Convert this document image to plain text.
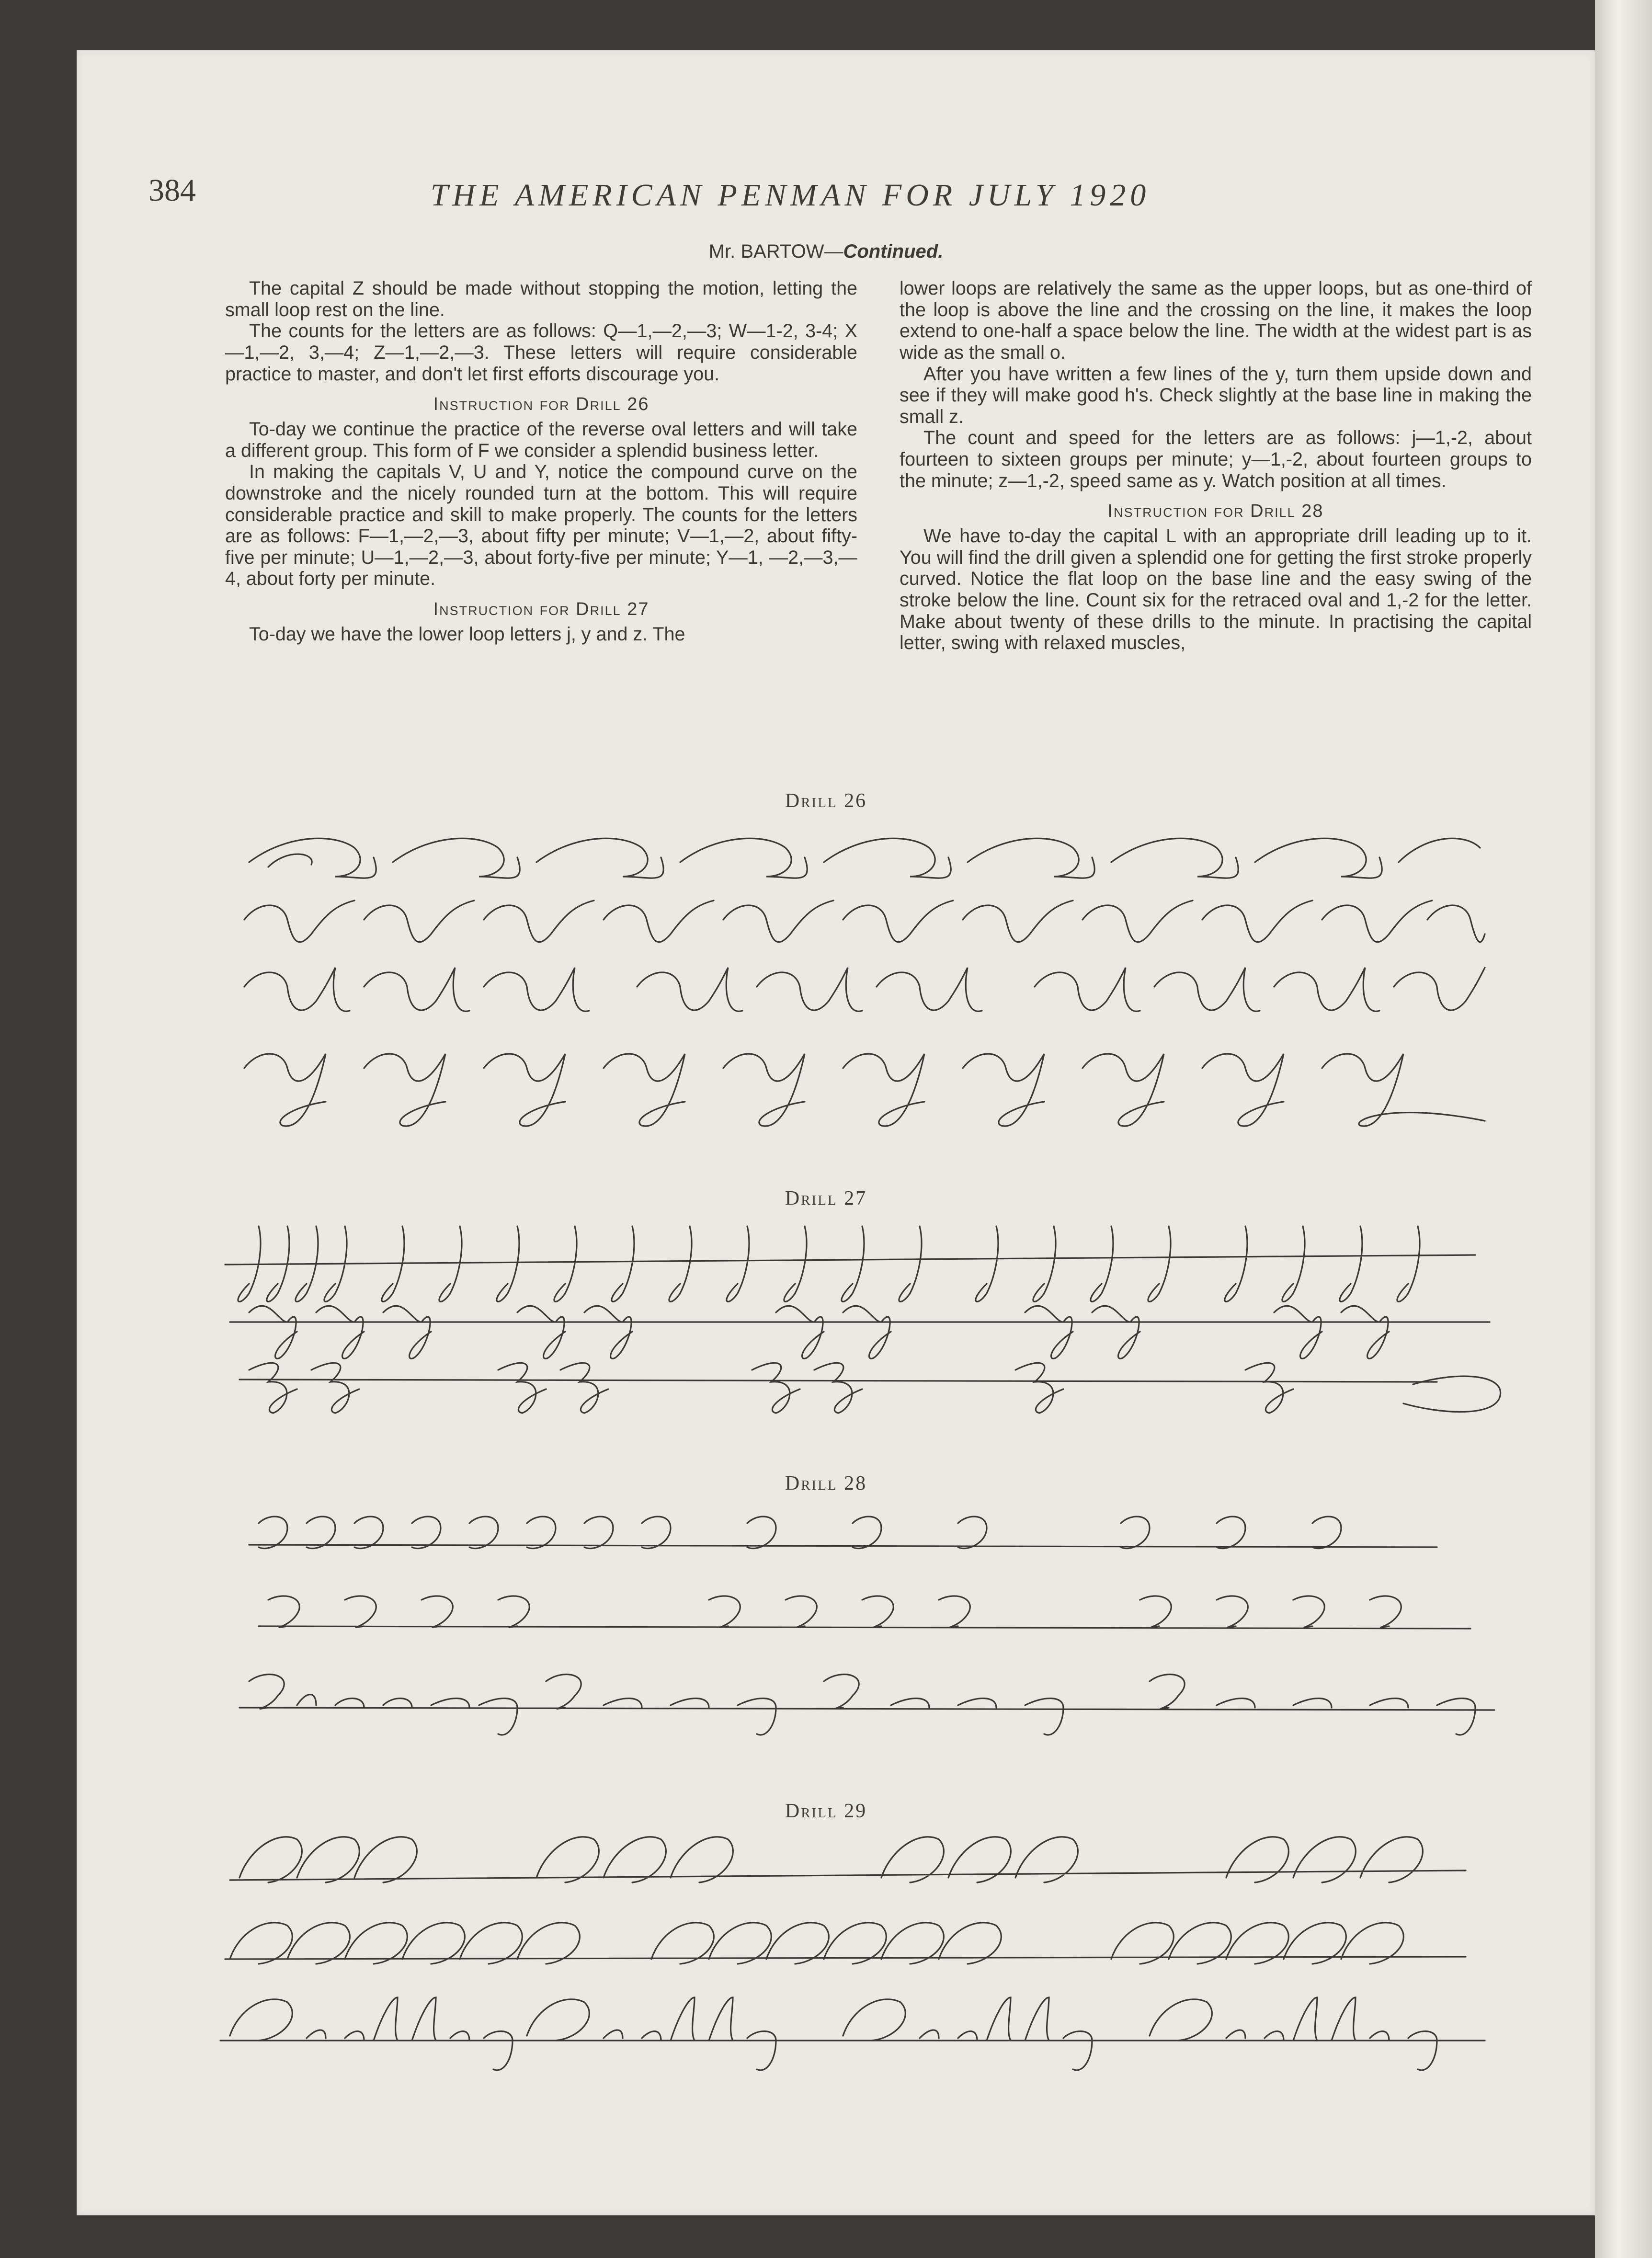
384	THE AMERICAN PENMAN FOR JULY 1920
Mr. BARTOW—Continued.

The capital Z should be made without stopping the motion, letting the small loop rest on the line.

The counts for the letters are as follows: Q—1,—2,—3; W—1-2, 3-4; X—1,—2, 3,—4; Z—1,—2,—3. These letters will require considerable practice to master, and don't let first efforts discourage you.

Instruction for Drill 26

To-day we continue the practice of the reverse oval letters and will take a different group. This form of F we consider a splendid business letter.

In making the capitals V, U and Y, notice the compound curve on the downstroke and the nicely rounded turn at the bottom. This will require considerable practice and skill to make properly. The counts for the letters are as follows: F—1,—2,—3, about fifty per minute; V—1,—2, about fifty-five per minute; U—1,—2,—3, about forty-five per minute; Y—1, —2,—3,—4, about forty per minute.

Instruction for Drill 27

To-day we have the lower loop letters j, y and z. The

lower loops are relatively the same as the upper loops, but as one-third of the loop is above the line and the crossing on the line, it makes the loop extend to one-half a space below the line. The width at the widest part is as wide as the small o.

After you have written a few lines of the y, turn them upside down and see if they will make good h's. Check slightly at the base line in making the small z.

The count and speed for the letters are as follows: j—1,-2, about fourteen to sixteen groups per minute; y—1,-2, about fourteen groups to the minute; z—1,-2, speed same as y. Watch position at all times.

Instruction for Drill 28

We have to-day the capital L with an appropriate drill leading up to it. You will find the drill given a splendid one for getting the first stroke properly curved. Notice the flat loop on the base line and the easy swing of the stroke below the line. Count six for the retraced oval and 1,-2 for the letter. Make about twenty of these drills to the minute. In practising the capital letter, swing with relaxed muscles,

Drill 26
Drill 27
Drill 28
Drill 29
